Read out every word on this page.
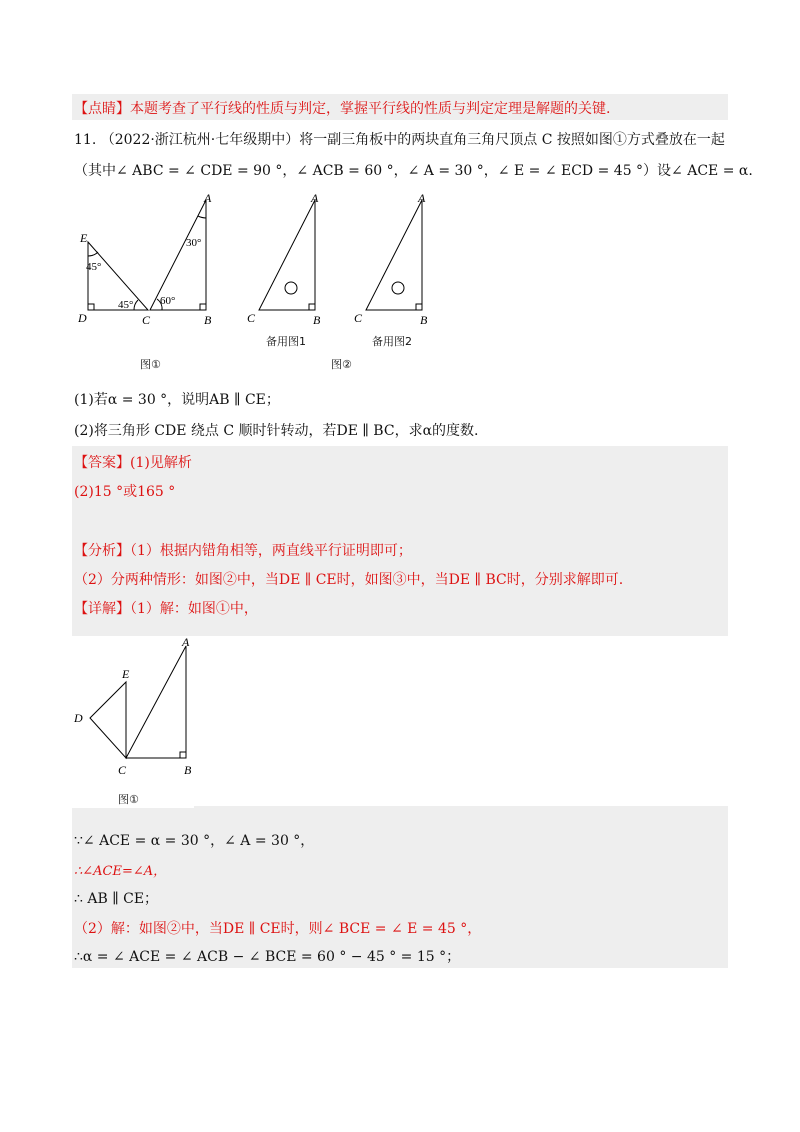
【点睛】本题考查了平行线的性质与判定，掌握平行线的性质与判定定理是解题的关键.
11. （2022·浙江杭州·七年级期中）将一副三角板中的两块直角三角尺顶点 C 按照如图①方式叠放在一起
（其中∠ ABC = ∠ CDE = 90 °，∠ ACB = 60 °，∠ A = 30 °，∠ E = ∠ ECD = 45 °）设∠ ACE = α.
E
D	C	B
A
30°
45°
45° 60°
图①
A
C	B
备用图1
A
C	B
备用图2
图②
(1)若α = 30 °，说明AB ∥ CE；
(2)将三角形 CDE 绕点 C 顺时针转动，若DE ∥ BC，求α的度数.
【答案】(1)见解析
(2)15 °或165 °
【分析】（1）根据内错角相等，两直线平行证明即可；
（2）分两种情形：如图②中，当DE ∥ CE时，如图③中，当DE ∥ BC时，分别求解即可.
【详解】（1）解：如图①中，
A
E
D
C	B
图①
∵∠ ACE = α = 30 °，∠ A = 30 °，
∴∠ACE=∠A，
∴ AB ∥ CE；
（2）解：如图②中，当DE ∥ CE时，则∠ BCE = ∠ E = 45 °，
∴α = ∠ ACE = ∠ ACB − ∠ BCE = 60 ° − 45 ° = 15 °；
